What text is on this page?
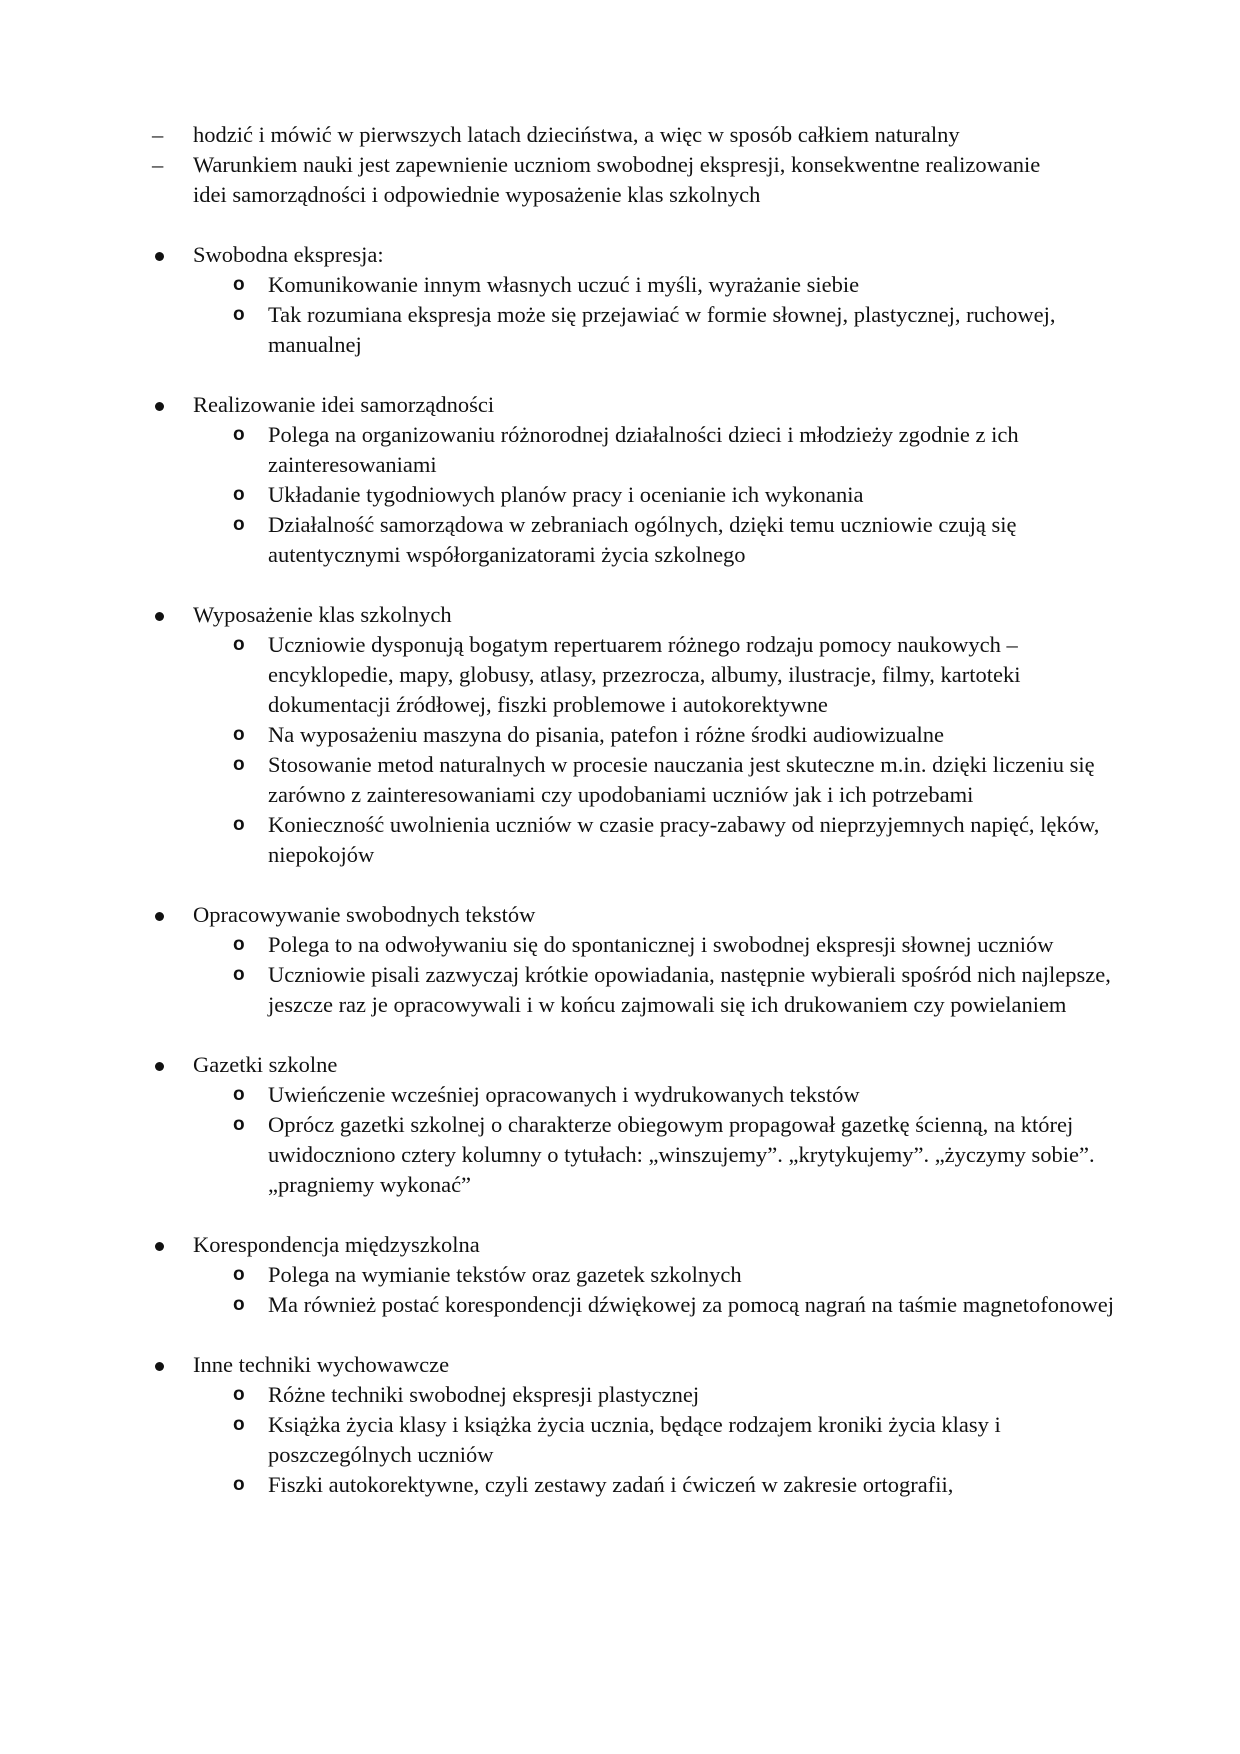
– hodzić i mówić w pierwszych latach dzieciństwa, a więc w sposób całkiem naturalny
– Warunkiem nauki jest zapewnienie uczniom swobodnej ekspresji, konsekwentne realizowanie idei samorządności i odpowiednie wyposażenie klas szkolnych
Swobodna ekspresja:
o Komunikowanie innym własnych uczuć i myśli, wyrażanie siebie
o Tak rozumiana ekspresja może się przejawiać w formie słownej, plastycznej, ruchowej, manualnej
Realizowanie idei samorządności
o Polega na organizowaniu różnorodnej działalności dzieci i młodzieży zgodnie z ich zainteresowaniami
o Układanie tygodniowych planów pracy i ocenianie ich wykonania
o Działalność samorządowa w zebraniach ogólnych, dzięki temu uczniowie czują się autentycznymi współorganizatorami życia szkolnego
Wyposażenie klas szkolnych
o Uczniowie dysponują bogatym repertuarem różnego rodzaju pomocy naukowych – encyklopedie, mapy, globusy, atlasy, przezrocza, albumy, ilustracje, filmy, kartoteki dokumentacji źródłowej, fiszki problemowe i autokorektywne
o Na wyposażeniu maszyna do pisania, patefon i różne środki audiowizualne
o Stosowanie metod naturalnych w procesie nauczania jest skuteczne m.in. dzięki liczeniu się zarówno z zainteresowaniami czy upodobaniami uczniów jak i ich potrzebami
o Konieczność uwolnienia uczniów w czasie pracy-zabawy od nieprzyjemnych napięć, lęków, niepokojów
Opracowywanie swobodnych tekstów
o Polega to na odwoływaniu się do spontanicznej i swobodnej ekspresji słownej uczniów
o Uczniowie pisali zazwyczaj krótkie opowiadania, następnie wybierali spośród nich najlepsze, jeszcze raz je opracowywali i w końcu zajmowali się ich drukowaniem czy powielaniem
Gazetki szkolne
o Uwieńczenie wcześniej opracowanych i wydrukowanych tekstów
o Oprócz gazetki szkolnej o charakterze obiegowym propagował gazetkę ścienną, na której uwidoczniono cztery kolumny o tytułach: „winszujemy”. „krytykujemy”. „życzymy sobie”. „pragniemy wykonać”
Korespondencja międzyszkolna
o Polega na wymianie tekstów oraz gazetek szkolnych
o Ma również postać korespondencji dźwiękowej za pomocą nagrań na taśmie magnetofonowej
Inne techniki wychowawcze
o Różne techniki swobodnej ekspresji plastycznej
o Książka życia klasy i książka życia ucznia, będące rodzajem kroniki życia klasy i poszczególnych uczniów
o Fiszki autokorektywne, czyli zestawy zadań i ćwiczeń w zakresie ortografii,
